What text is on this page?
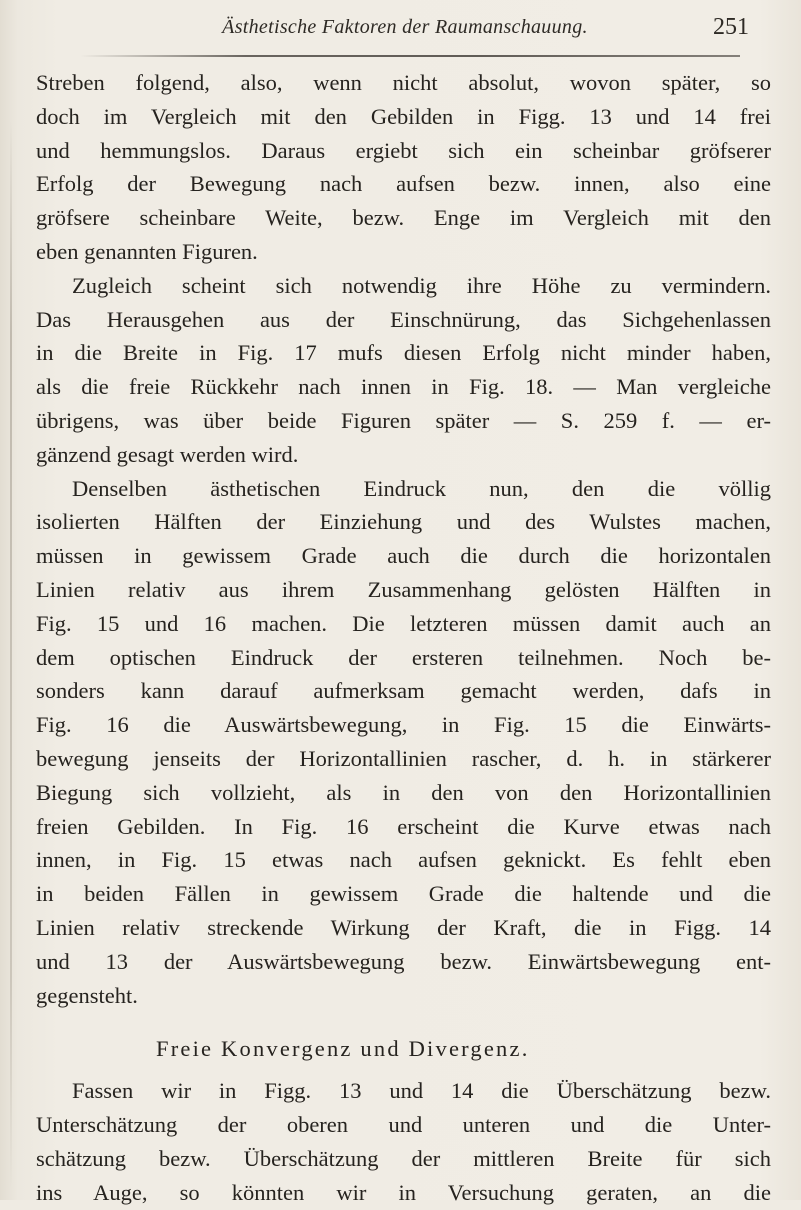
Ästhetische Faktoren der Raumanschauung.	251
Streben folgend, also, wenn nicht absolut, wovon später, so
doch im Vergleich mit den Gebilden in Figg. 13 und 14 frei
und hemmungslos. Daraus ergiebt sich ein scheinbar gröfserer
Erfolg der Bewegung nach aufsen bezw. innen, also eine
gröfsere scheinbare Weite, bezw. Enge im Vergleich mit den
eben genannten Figuren.
Zugleich scheint sich notwendig ihre Höhe zu vermindern.
Das Herausgehen aus der Einschnürung, das Sichgehenlassen
in die Breite in Fig. 17 mufs diesen Erfolg nicht minder haben,
als die freie Rückkehr nach innen in Fig. 18. — Man vergleiche
übrigens, was über beide Figuren später — S. 259 f. — er-
gänzend gesagt werden wird.
Denselben ästhetischen Eindruck nun, den die völlig
isolierten Hälften der Einziehung und des Wulstes machen,
müssen in gewissem Grade auch die durch die horizontalen
Linien relativ aus ihrem Zusammenhang gelösten Hälften in
Fig. 15 und 16 machen. Die letzteren müssen damit auch an
dem optischen Eindruck der ersteren teilnehmen. Noch be-
sonders kann darauf aufmerksam gemacht werden, dafs in
Fig. 16 die Auswärtsbewegung, in Fig. 15 die Einwärts-
bewegung jenseits der Horizontallinien rascher, d. h. in stärkerer
Biegung sich vollzieht, als in den von den Horizontallinien
freien Gebilden. In Fig. 16 erscheint die Kurve etwas nach
innen, in Fig. 15 etwas nach aufsen geknickt. Es fehlt eben
in beiden Fällen in gewissem Grade die haltende und die
Linien relativ streckende Wirkung der Kraft, die in Figg. 14
und 13 der Auswärtsbewegung bezw. Einwärtsbewegung ent-
gegensteht.
Freie Konvergenz und Divergenz.
Fassen wir in Figg. 13 und 14 die Überschätzung bezw.
Unterschätzung der oberen und unteren und die Unter-
schätzung bezw. Überschätzung der mittleren Breite für sich
ins Auge, so könnten wir in Versuchung geraten, an die
